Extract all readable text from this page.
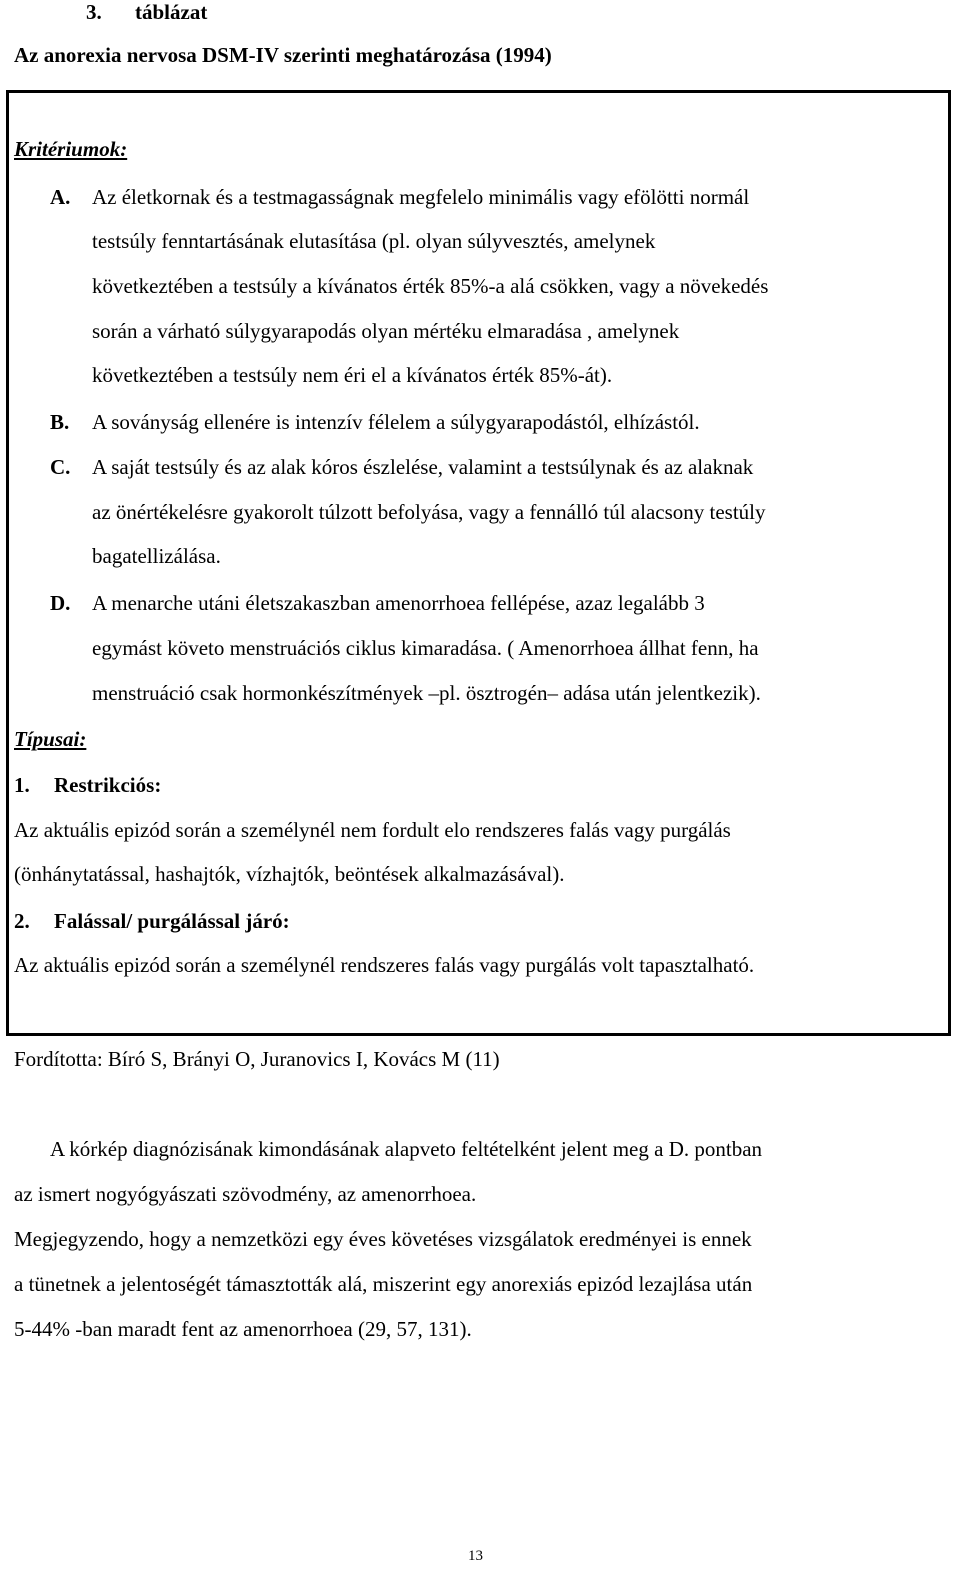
3. táblázat
Az anorexia nervosa DSM-IV szerinti meghatározása (1994)
Kritériumok:
A. Az életkornak és a testmagasságnak megfelelo minimális vagy efölötti normál
testsúly fenntartásának elutasítása (pl. olyan súlyvesztés, amelynek
következtében a testsúly a kívánatos érték 85%-a alá csökken, vagy a növekedés
során a várható súlygyarapodás olyan mértéku elmaradása , amelynek
következtében a testsúly nem éri el a kívánatos érték 85%-át).
B. A soványság ellenére is intenzív félelem a súlygyarapodástól, elhízástól.
C. A saját testsúly és az alak kóros észlelése, valamint a testsúlynak és az alaknak
az önértékelésre gyakorolt túlzott befolyása, vagy a fennálló túl alacsony testúly
bagatellizálása.
D. A menarche utáni életszakaszban amenorrhoea fellépése, azaz legalább 3
egymást követo menstruációs ciklus kimaradása. ( Amenorrhoea állhat fenn, ha
menstruáció csak hormonkészítmények –pl. ösztrogén– adása után jelentkezik).
Típusai:
1. Restrikciós:
Az aktuális epizód során a személynél nem fordult elo rendszeres falás vagy purgálás
(önhánytatással, hashajtók, vízhajtók, beöntések alkalmazásával).
2. Falással/ purgálással járó:
Az aktuális epizód során a személynél rendszeres falás vagy purgálás volt tapasztalható.
Fordította: Bíró S, Brányi O, Juranovics I, Kovács M (11)
A kórkép diagnózisának kimondásának alapveto feltételként jelent meg a D. pontban
az ismert nogyógyászati szövodmény, az amenorrhoea.
Megjegyzendo, hogy a nemzetközi egy éves követéses vizsgálatok eredményei is ennek
a tünetnek a jelentoségét támasztották alá, miszerint egy anorexiás epizód lezajlása után
5-44% -ban maradt fent az amenorrhoea (29, 57, 131).
13
